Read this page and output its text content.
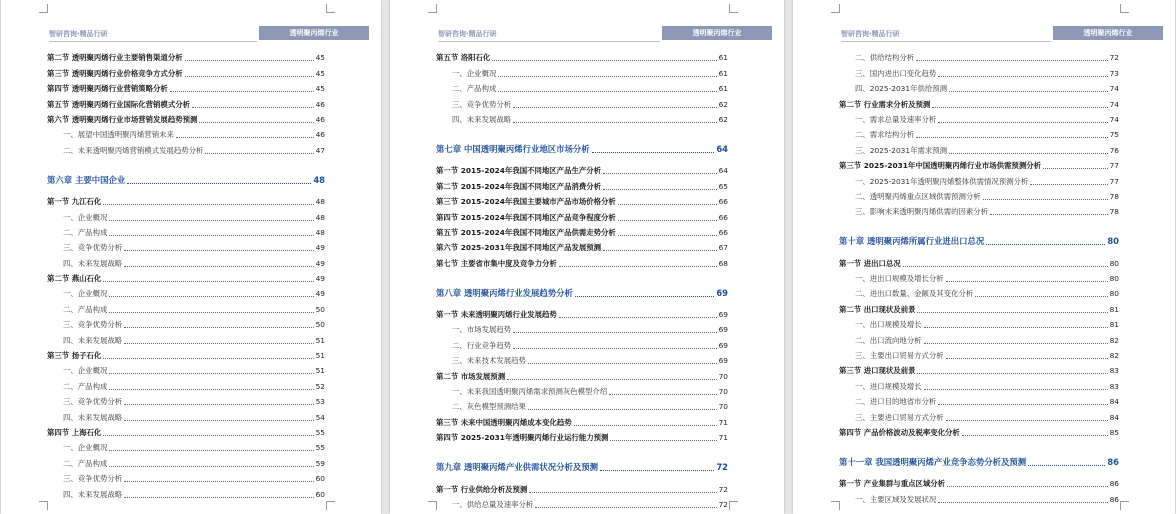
智研咨询·精品行研	透明聚丙烯行业
第二节 透明聚丙烯行业主要销售渠道分析	45
第三节 透明聚丙烯行业价格竞争方式分析	45
第四节 透明聚丙烯行业营销策略分析	45
第五节 透明聚丙烯行业国际化营销模式分析	46
第六节 透明聚丙烯行业市场营销发展趋势预测	46
一、展望中国透明聚丙烯营销未来	46
二、未来透明聚丙烯营销模式发展趋势分析	47
第六章 主要中国企业	48
第一节 九江石化	48
一、企业概况	48
二、产品构成	48
三、竞争优势分析	49
四、未来发展战略	49
第二节 燕山石化	49
一、企业概况	49
二、产品构成	50
三、竞争优势分析	50
四、未来发展战略	51
第三节 扬子石化	51
一、企业概况	51
二、产品构成	52
三、竞争优势分析	53
四、未来发展战略	54
第四节 上海石化	55
一、企业概况	55
二、产品构成	59
三、竞争优势分析	60
四、未来发展战略	60
智研咨询·精品行研	透明聚丙烯行业
第五节 洛阳石化	61
一、企业概况	61
二、产品构成	61
三、竞争优势分析	62
四、未来发展战略	62
第七章 中国透明聚丙烯行业地区市场分析	64
第一节 2015-2024年我国不同地区产品生产分析	64
第二节 2015-2024年我国不同地区产品消费分析	65
第三节 2015-2024年我国主要城市产品市场价格分析	66
第四节 2015-2024年我国不同地区产品竞争程度分析	66
第五节 2015-2024年我国不同地区产品供需走势分析	66
第六节 2025-2031年我国不同地区产品发展预测	67
第七节 主要省市集中度及竞争力分析	68
第八章 透明聚丙烯行业发展趋势分析	69
第一节 未来透明聚丙烯行业发展趋势	69
一、市场发展趋势	69
二、行业竞争趋势	69
三、未来技术发展趋势	69
第二节 市场发展预测	70
一、未来我国透明聚丙烯需求预测灰色模型介绍	70
二、灰色模型预测结果	70
第三节 未来中国透明聚丙烯成本变化趋势	71
第四节 2025-2031年透明聚丙烯行业运行能力预测	71
第九章 透明聚丙烯产业供需状况分析及预测	72
第一节 行业供给分析及预测	72
一、供给总量及速率分析	72
智研咨询·精品行研	透明聚丙烯行业
二、供给结构分析	72
三、国内进出口变化趋势	73
四、2025-2031年供给预测	74
第二节 行业需求分析及预测	74
一、需求总量及速率分析	74
二、需求结构分析	75
三、2025-2031年需求预测	76
第三节 2025-2031年中国透明聚丙烯行业市场供需预测分析	77
一、2025-2031年透明聚丙烯整体供需情况预测分析	77
二、透明聚丙烯重点区域供需预测分析	78
三、影响未来透明聚丙烯供需的因素分析	78
第十章 透明聚丙烯所属行业进出口总况	80
第一节 进出口总况	80
一、进出口规模及增长分析	80
二、进出口数量、金额及其变化分析	80
第二节 出口现状及前景	81
一、出口规模及增长	81
二、出口流向地分析	82
三、主要出口贸易方式分析	82
第三节 进口现状及前景	83
一、进口规模及增长	83
二、进口目的地省市分析	84
三、主要进口贸易方式分析	84
第四节 产品价格波动及税率变化分析	85
第十一章 我国透明聚丙烯产业竞争态势分析及预测	86
第一节 产业集群与重点区域分析	86
一、主要区域及发展状况	86
